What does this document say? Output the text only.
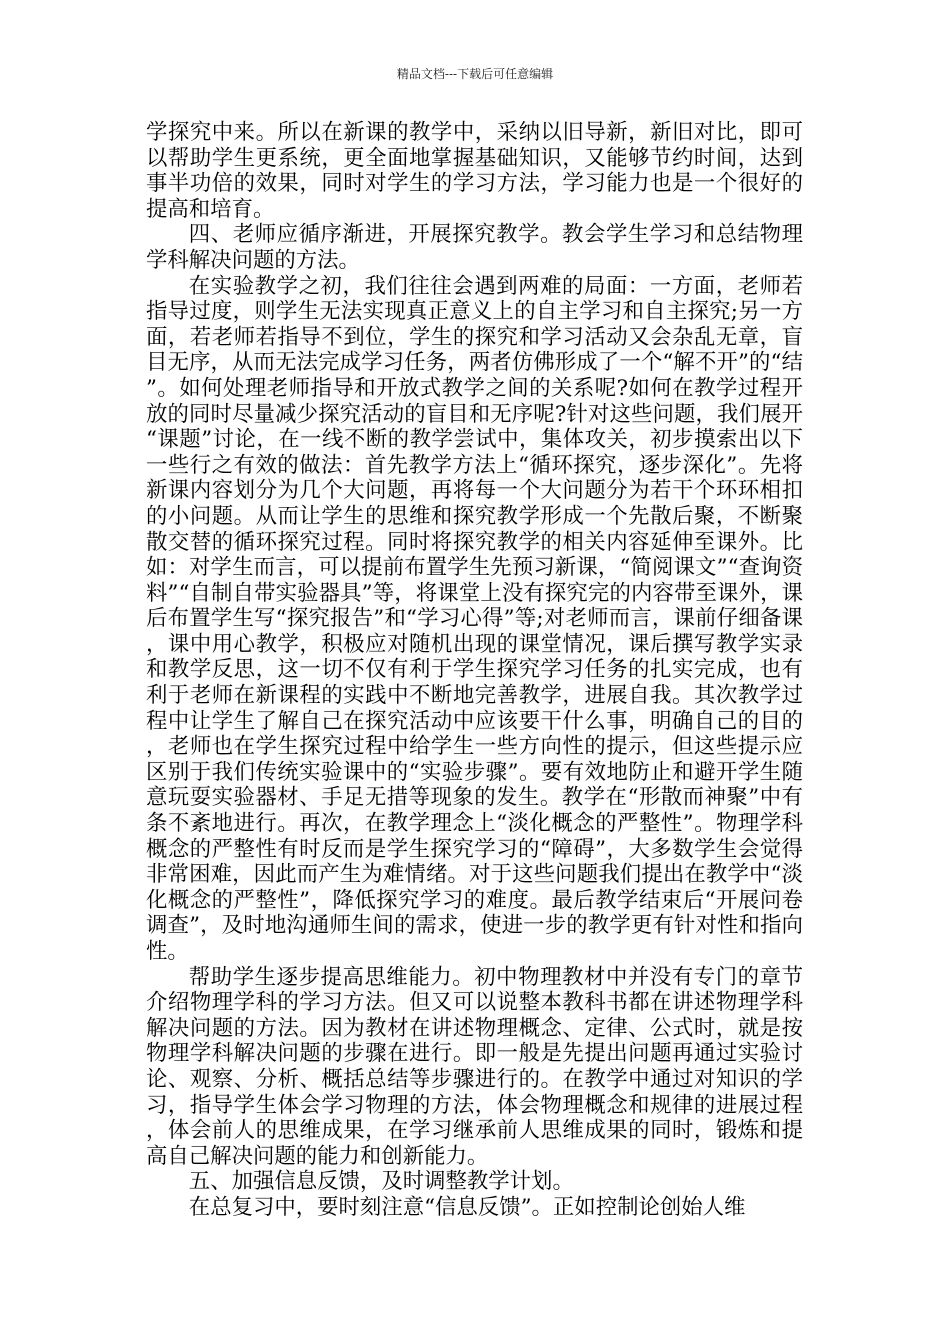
精品文档---下载后可任意编辑

学探究中来。所以在新课的教学中，采纳以旧导新，新旧对比，即可以帮助学生更系统，更全面地掌握基础知识，又能够节约时间，达到事半功倍的效果，同时对学生的学习方法，学习能力也是一个很好的提高和培育。

四、老师应循序渐进，开展探究教学。教会学生学习和总结物理学科解决问题的方法。

在实验教学之初，我们往往会遇到两难的局面：一方面，老师若指导过度，则学生无法实现真正意义上的自主学习和自主探究;另一方面，若老师若指导不到位，学生的探究和学习活动又会杂乱无章，盲目无序，从而无法完成学习任务，两者仿佛形成了一个“解不开”的“结”。如何处理老师指导和开放式教学之间的关系呢?如何在教学过程开放的同时尽量减少探究活动的盲目和无序呢?针对这些问题，我们展开“课题”讨论，在一线不断的教学尝试中，集体攻关，初步摸索出以下一些行之有效的做法：首先教学方法上“循环探究，逐步深化”。先将新课内容划分为几个大问题，再将每一个大问题分为若干个环环相扣的小问题。从而让学生的思维和探究教学形成一个先散后聚，不断聚散交替的循环探究过程。同时将探究教学的相关内容延伸至课外。比如：对学生而言，可以提前布置学生先预习新课，“简阅课文”“查询资料”“自制自带实验器具”等，将课堂上没有探究完的内容带至课外，课后布置学生写“探究报告”和“学习心得”等;对老师而言，课前仔细备课，课中用心教学，积极应对随机出现的课堂情况，课后撰写教学实录和教学反思，这一切不仅有利于学生探究学习任务的扎实完成，也有利于老师在新课程的实践中不断地完善教学，进展自我。其次教学过程中让学生了解自己在探究活动中应该要干什么事，明确自己的目的，老师也在学生探究过程中给学生一些方向性的提示，但这些提示应区别于我们传统实验课中的“实验步骤”。要有效地防止和避开学生随意玩耍实验器材、手足无措等现象的发生。教学在“形散而神聚”中有条不紊地进行。再次，在教学理念上“淡化概念的严整性”。物理学科概念的严整性有时反而是学生探究学习的“障碍”，大多数学生会觉得非常困难，因此而产生为难情绪。对于这些问题我们提出在教学中“淡化概念的严整性”，降低探究学习的难度。最后教学结束后“开展问卷调查”，及时地沟通师生间的需求，使进一步的教学更有针对性和指向性。

帮助学生逐步提高思维能力。初中物理教材中并没有专门的章节介绍物理学科的学习方法。但又可以说整本教科书都在讲述物理学科解决问题的方法。因为教材在讲述物理概念、定律、公式时，就是按物理学科解决问题的步骤在进行。即一般是先提出问题再通过实验讨论、观察、分析、概括总结等步骤进行的。在教学中通过对知识的学习，指导学生体会学习物理的方法，体会物理概念和规律的进展过程，体会前人的思维成果，在学习继承前人思维成果的同时，锻炼和提高自己解决问题的能力和创新能力。

五、加强信息反馈，及时调整教学计划。

在总复习中，要时刻注意“信息反馈”。正如控制论创始人维
